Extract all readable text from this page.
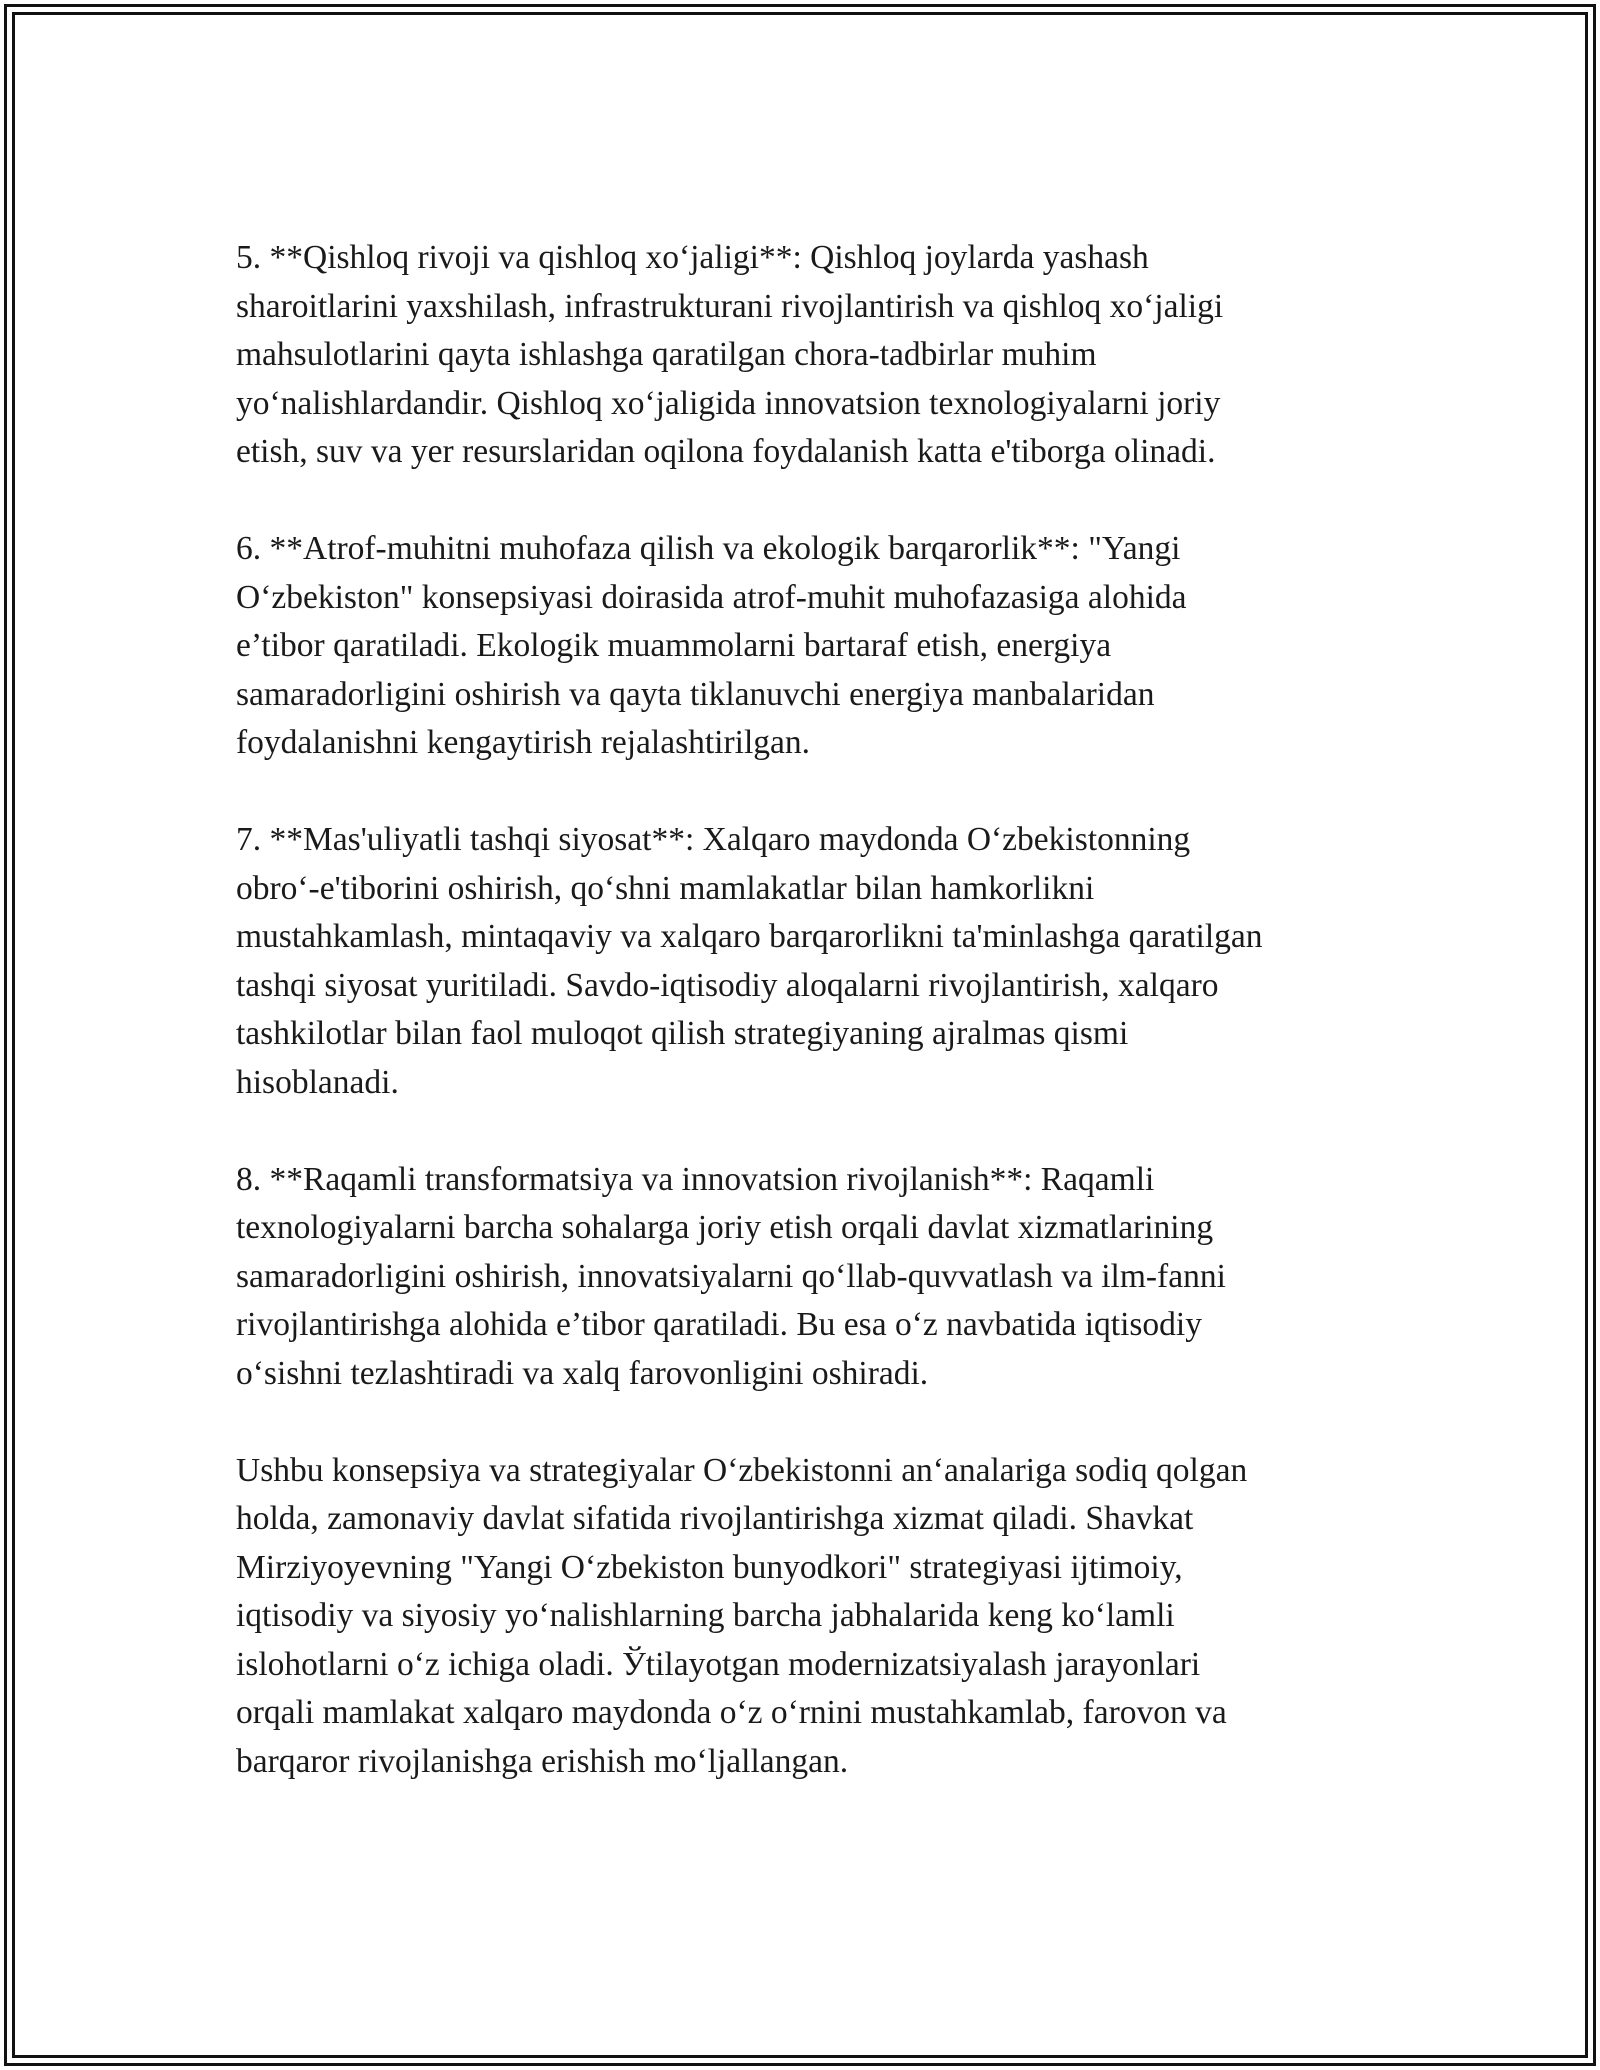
5. **Qishloq rivoji va qishloq xo‘jaligi**: Qishloq joylarda yashash
sharoitlarini yaxshilash, infrastrukturani rivojlantirish va qishloq xo‘jaligi
mahsulotlarini qayta ishlashga qaratilgan chora-tadbirlar muhim
yo‘nalishlardandir. Qishloq xo‘jaligida innovatsion texnologiyalarni joriy
etish, suv va yer resurslaridan oqilona foydalanish katta e'tiborga olinadi.

6. **Atrof-muhitni muhofaza qilish va ekologik barqarorlik**: "Yangi
O‘zbekiston" konsepsiyasi doirasida atrof-muhit muhofazasiga alohida
e’tibor qaratiladi. Ekologik muammolarni bartaraf etish, energiya
samaradorligini oshirish va qayta tiklanuvchi energiya manbalaridan
foydalanishni kengaytirish rejalashtirilgan.

7. **Mas'uliyatli tashqi siyosat**: Xalqaro maydonda O‘zbekistonning
obro‘-e'tiborini oshirish, qo‘shni mamlakatlar bilan hamkorlikni
mustahkamlash, mintaqaviy va xalqaro barqarorlikni ta'minlashga qaratilgan
tashqi siyosat yuritiladi. Savdo-iqtisodiy aloqalarni rivojlantirish, xalqaro
tashkilotlar bilan faol muloqot qilish strategiyaning ajralmas qismi
hisoblanadi.

8. **Raqamli transformatsiya va innovatsion rivojlanish**: Raqamli
texnologiyalarni barcha sohalarga joriy etish orqali davlat xizmatlarining
samaradorligini oshirish, innovatsiyalarni qo‘llab-quvvatlash va ilm-fanni
rivojlantirishga alohida e’tibor qaratiladi. Bu esa o‘z navbatida iqtisodiy
o‘sishni tezlashtiradi va xalq farovonligini oshiradi.

Ushbu konsepsiya va strategiyalar O‘zbekistonni an‘analariga sodiq qolgan
holda, zamonaviy davlat sifatida rivojlantirishga xizmat qiladi. Shavkat
Mirziyoyevning "Yangi O‘zbekiston bunyodkori" strategiyasi ijtimoiy,
iqtisodiy va siyosiy yo‘nalishlarning barcha jabhalarida keng ko‘lamli
islohotlarni o‘z ichiga oladi. Ўtilayotgan modernizatsiyalash jarayonlari
orqali mamlakat xalqaro maydonda o‘z o‘rnini mustahkamlab, farovon va
barqaror rivojlanishga erishish mo‘ljallangan.
